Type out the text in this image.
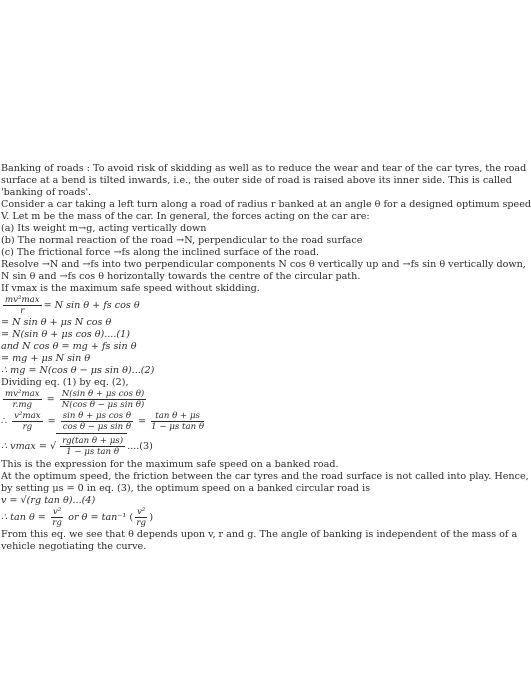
Banking of roads : To avoid risk of skidding as well as to reduce the wear and tear of the car tyres, the road
surface at a bend is tilted inwards, i.e., the outer side of road is raised above its inner side. This is called
'banking of roads'.
Consider a car taking a left turn along a road of radius r banked at an angle θ for a designed optimum speed
V. Let m be the mass of the car. In general, the forces acting on the car are:
(a) Its weight m→g, acting vertically down
(b) The normal reaction of the road →N, perpendicular to the road surface
(c) The frictional force →fs along the inclined surface of the road.
Resolve →N and →fs into two perpendicular components N cos θ vertically up and →fs sin θ vertically down,
N sin θ and →fs cos θ horizontally towards the centre of the circular path.
If vmax is the maximum safe speed without skidding.
$\frac{\text{mv²max}}{r} = N$ sin θ + fs cos θ
= N sin θ + μs N cos θ
= N(sin θ + μs cos θ)....(1)
and N cos θ = mg + fs sin θ
= mg + μs N sin θ
∴ mg = N(cos θ − μs sin θ)...(2)
Dividing eq. (1) by eq. (2),
$\frac{\text{mv²max}}{r.mg} = \frac{\text{N(sin θ + μs cos θ)}}{\text{N(cos θ − μs sin θ)}}$
∴ $\frac{\text{v²max}}{rg} = \frac{\text{sin θ + μs cos θ}}{\text{cos θ − μs sin θ}} = \frac{\text{tan θ + μs}}{\text{1 − μs tan θ}}$
∴ vmax = √ $\frac{\text{rg(tan θ + μs)}}{\text{1 − μs tan θ}} ....(3)$
This is the expression for the maximum safe speed on a banked road.
At the optimum speed, the friction between the car tyres and the road surface is not called into play. Hence,
by setting μs = 0 in eq. (3), the optimum speed on a banked circular road is
v = √(rg tan θ)...(4)
∴ $\tan \theta = \frac{\text{v²}}{rg}$ or θ = tan⁻¹ ( $\frac{\text{v²}}{rg}$ )
From this eq. we see that θ depends upon v, r and g. The angle of banking is independent of the mass of a
vehicle negotiating the curve.
